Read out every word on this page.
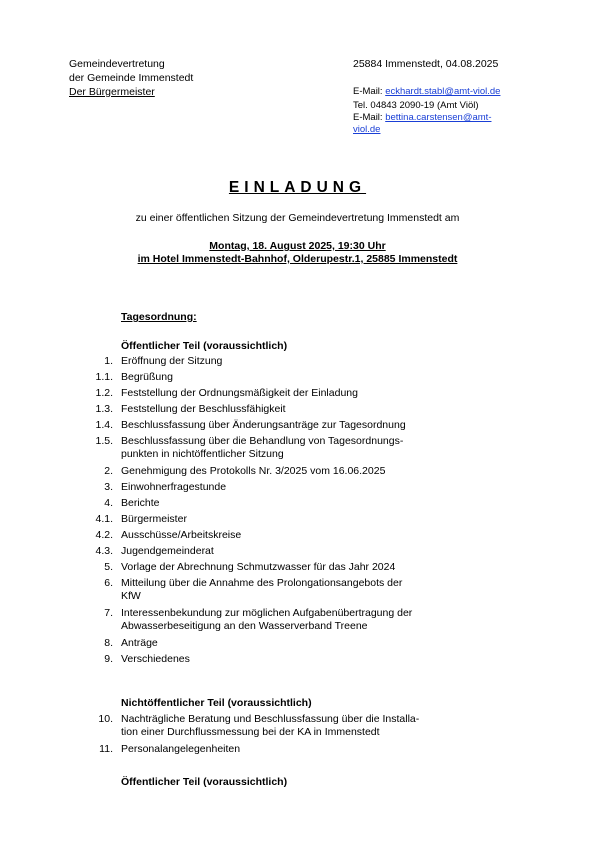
Gemeindevertretung
der Gemeinde Immenstedt
Der Bürgermeister
25884 Immenstedt, 04.08.2025
E-Mail: eckhardt.stabl@amt-viol.de
Tel. 04843 2090-19 (Amt Viöl)
E-Mail: bettina.carstensen@amt-
viol.de
EINLADUNG
zu einer öffentlichen Sitzung der Gemeindevertretung Immenstedt am
Montag, 18. August 2025, 19:30 Uhr
im Hotel Immenstedt-Bahnhof, Olderupestr.1, 25885 Immenstedt
Tagesordnung:
Öffentlicher Teil (voraussichtlich)
1. Eröffnung der Sitzung
1.1. Begrüßung
1.2. Feststellung der Ordnungsmäßigkeit der Einladung
1.3. Feststellung der Beschlussfähigkeit
1.4. Beschlussfassung über Änderungsanträge zur Tagesordnung
1.5. Beschlussfassung über die Behandlung von Tagesordnungs-
punkten in nichtöffentlicher Sitzung
2. Genehmigung des Protokolls Nr. 3/2025 vom 16.06.2025
3. Einwohnerfragestunde
4. Berichte
4.1. Bürgermeister
4.2. Ausschüsse/Arbeitskreise
4.3. Jugendgemeinderat
5. Vorlage der Abrechnung Schmutzwasser für das Jahr 2024
6. Mitteilung über die Annahme des Prolongationsangebots der
KfW
7. Interessenbekundung zur möglichen Aufgabenübertragung der
Abwasserbeseitigung an den Wasserverband Treene
8. Anträge
9. Verschiedenes
Nichtöffentlicher Teil (voraussichtlich)
10. Nachträgliche Beratung und Beschlussfassung über die Installa-
tion einer Durchflussmessung bei der KA in Immenstedt
11. Personalangelegenheiten
Öffentlicher Teil (voraussichtlich)
